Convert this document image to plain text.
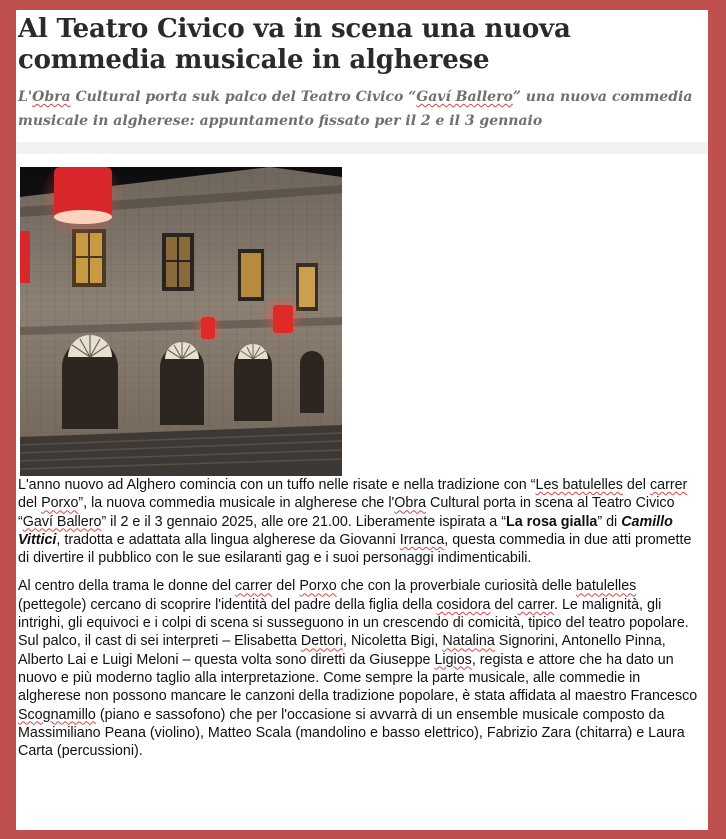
Al Teatro Civico va in scena una nuova commedia musicale in algherese
L'Obra Cultural porta suk palco del Teatro Civico “Gaví Ballero” una nuova commedia musicale in algherese: appuntamento fissato per il 2 e il 3 gennaio

L'anno nuovo ad Alghero comincia con un tuffo nelle risate e nella tradizione con “Les batulelles del carrer del Porxo”, la nuova commedia musicale in algherese che l'Obra Cultural porta in scena al Teatro Civico “Gaví Ballero” il 2 e il 3 gennaio 2025, alle ore 21.00. Liberamente ispirata a “La rosa gialla” di Camillo Vittici, tradotta e adattata alla lingua algherese da Giovanni Irranca, questa commedia in due atti promette di divertire il pubblico con le sue esilaranti gag e i suoi personaggi indimenticabili.

Al centro della trama le donne del carrer del Porxo che con la proverbiale curiosità delle batulelles (pettegole) cercano di scoprire l'identità del padre della figlia della cosidora del carrer. Le malignità, gli intrighi, gli equivoci e i colpi di scena si susseguono in un crescendo di comicità, tipico del teatro popolare. Sul palco, il cast di sei interpreti – Elisabetta Dettori, Nicoletta Bigi, Natalina Signorini, Antonello Pinna, Alberto Lai e Luigi Meloni – questa volta sono diretti da Giuseppe Ligios, regista e attore che ha dato un nuovo e più moderno taglio alla interpretazione. Come sempre la parte musicale, alle commedie in algherese non possono mancare le canzoni della tradizione popolare, è stata affidata al maestro Francesco Scognamillo (piano e sassofono) che per l'occasione si avvarrà di un ensemble musicale composto da Massimiliano Peana (violino), Matteo Scala (mandolino e basso elettrico), Fabrizio Zara (chitarra) e Laura Carta (percussioni).
